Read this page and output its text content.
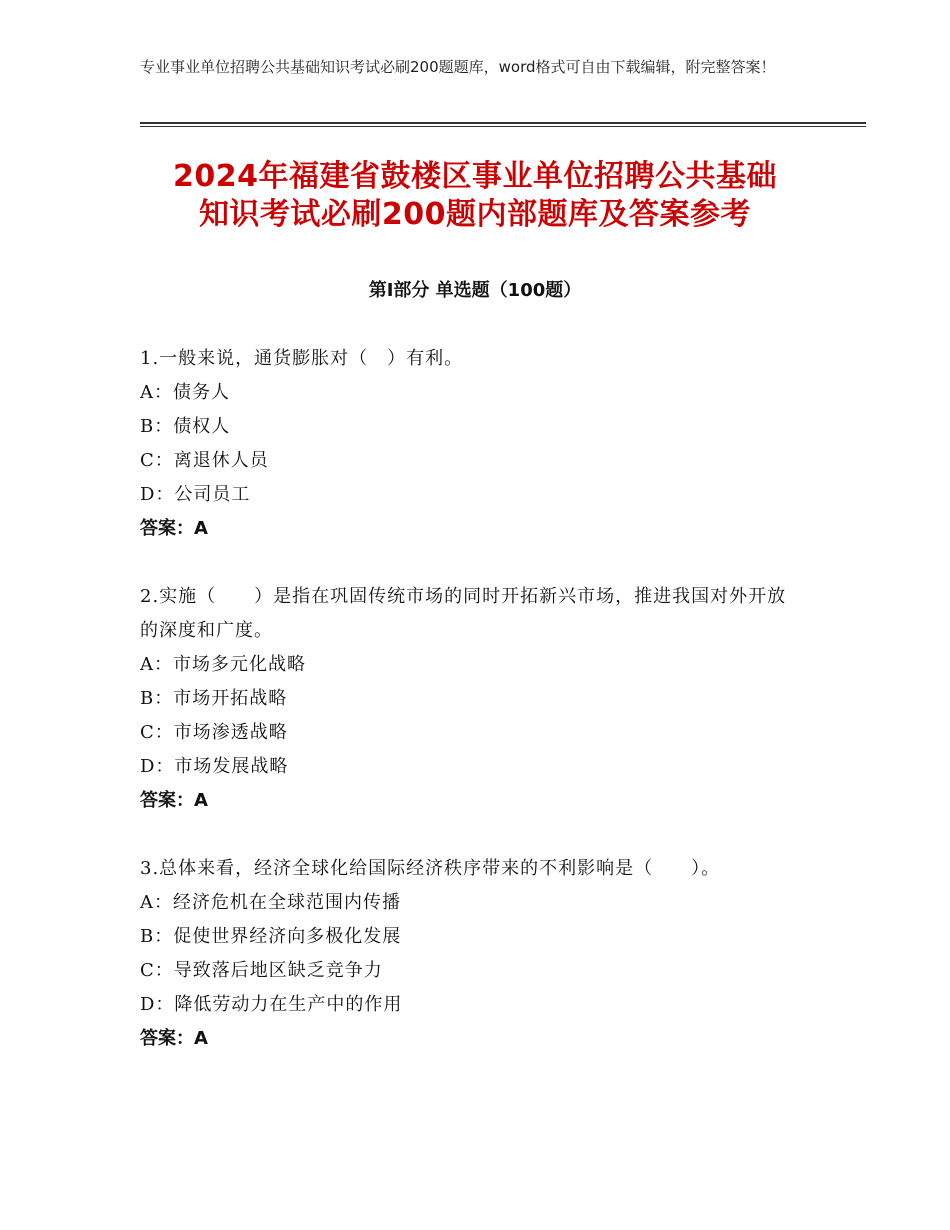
专业事业单位招聘公共基础知识考试必刷200题题库，word格式可自由下载编辑，附完整答案！
2024年福建省鼓楼区事业单位招聘公共基础
知识考试必刷200题内部题库及答案参考
第Ⅰ部分 单选题（100题）
1.一般来说，通货膨胀对（　）有利。
A：债务人
B：债权人
C：离退休人员
D：公司员工
答案：A
2.实施（　　）是指在巩固传统市场的同时开拓新兴市场，推进我国对外开放的深度和广度。
A：市场多元化战略
B：市场开拓战略
C：市场渗透战略
D：市场发展战略
答案：A
3.总体来看，经济全球化给国际经济秩序带来的不利影响是（　　）。
A：经济危机在全球范围内传播
B：促使世界经济向多极化发展
C：导致落后地区缺乏竞争力
D：降低劳动力在生产中的作用
答案：A
